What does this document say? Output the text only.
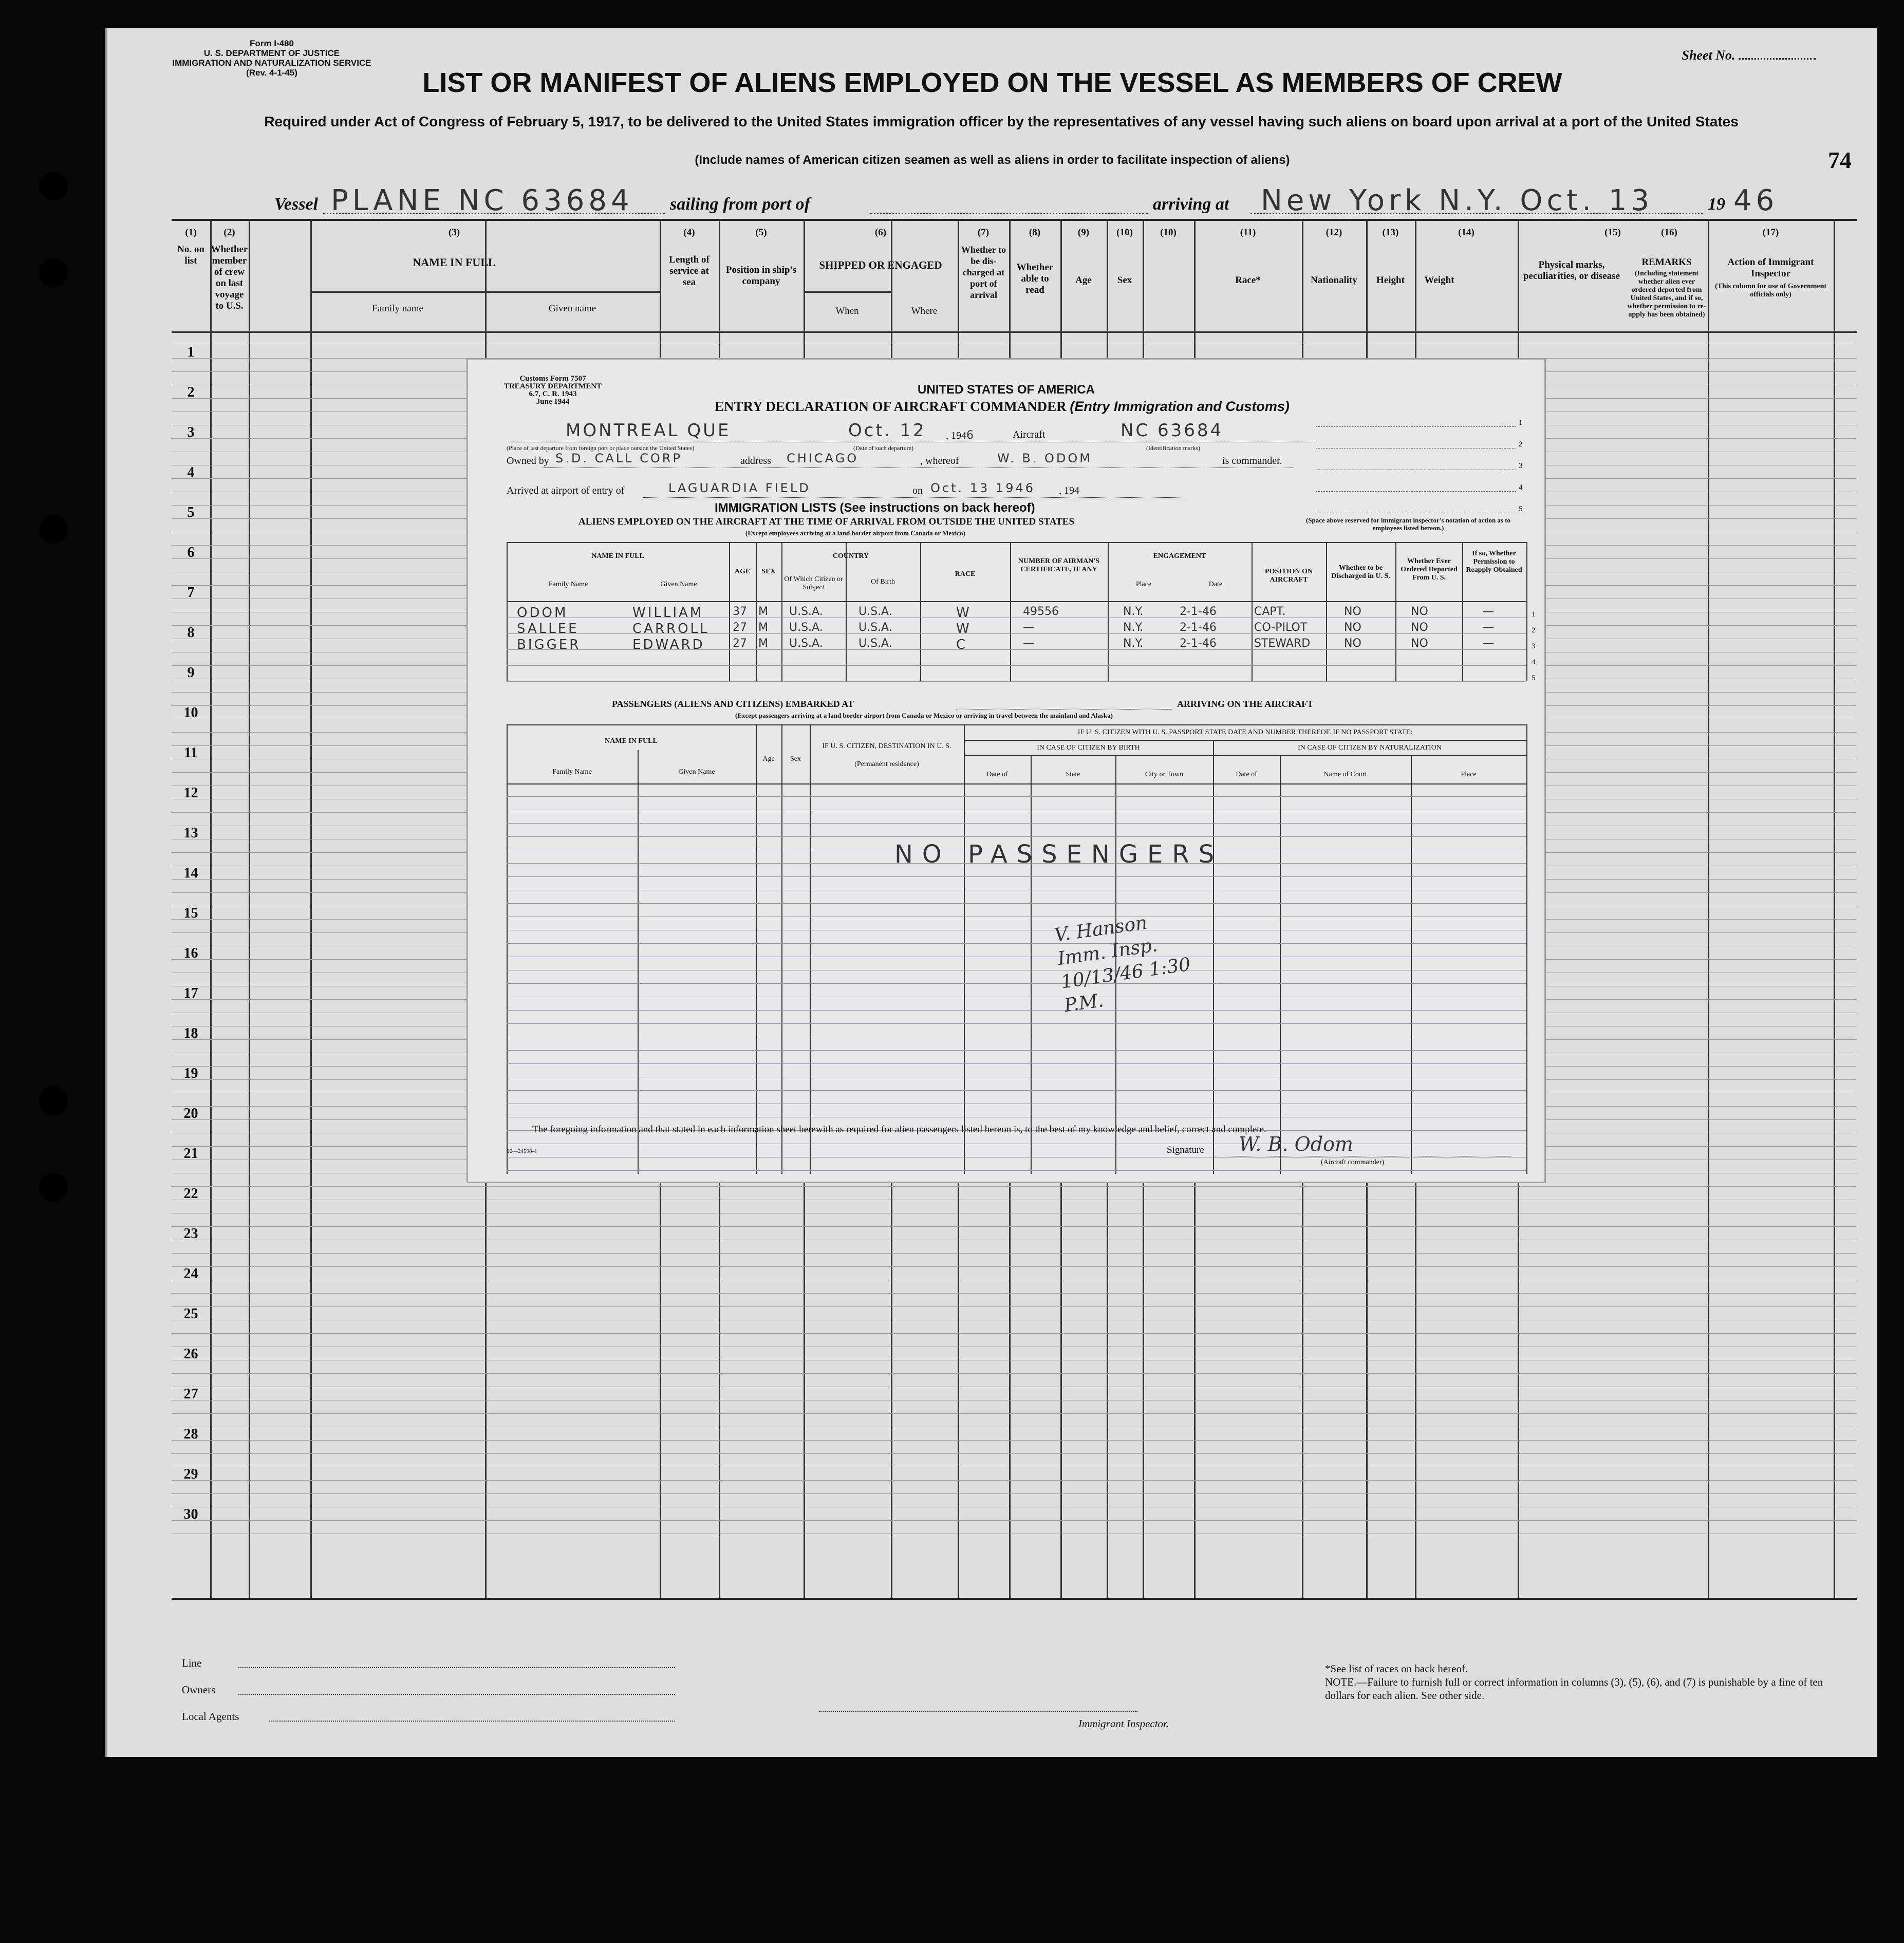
Form I-480
U. S. DEPARTMENT OF JUSTICE
IMMIGRATION AND NATURALIZATION SERVICE
(Rev. 4-1-45)
Sheet No.
LIST OR MANIFEST OF ALIENS EMPLOYED ON THE VESSEL AS MEMBERS OF CREW
Required under Act of Congress of February 5, 1917, to be delivered to the United States immigration officer by the representatives of any vessel having such aliens on board upon arrival at a port of the United States
(Include names of American citizen seamen as well as aliens in order to facilitate inspection of aliens)	74
Vessel PLANE NC 63684 sailing from port of	arriving at New York N.Y. Oct. 13	19 46
(1)
No. on list
(2)
Whether member of crew on last voyage to U.S.
(3)
NAME IN FULL
Family name	Given name
(4)
Length of service at sea
(5)
Position in ship's company
(6)
SHIPPED OR ENGAGED
When	Where
(7)
Whether to be dis-charged at port of arrival
(8)
Whether able to read
(9)
Age
(10)
Sex
(10)	(11)
Race*
(12)
Nationality
(13)
Height
(14)
Weight
(15)
Physical marks, peculiarities, or disease
(16)
REMARKS
(Including statement whether alien ever ordered deported from United States, and if so, whether permission to re-apply has been obtained)
(17)
Action of Immigrant Inspector
(This column for use of Government officials only)
1
2
3
4
5
6
7
8
9
10
11
12
13
14
15
16
17
18
19
20
21
22
23
24
25
26
27
28
29
30
Line
Owners
Local Agents
Immigrant Inspector.
*See list of races on back hereof.
NOTE.—Failure to furnish full or correct information in columns (3), (5), (6), and (7) is punishable by a fine of ten dollars for each alien. See other side.
Customs Form 7507
TREASURY DEPARTMENT
6.7, C. R. 1943
June 1944
UNITED STATES OF AMERICA
ENTRY DECLARATION OF AIRCRAFT COMMANDER (Entry Immigration and Customs)
1
2
3
4
5
(Space above reserved for immigrant inspector's notation of action as to employees listed hereon.)
MONTREAL QUE	Oct. 12 , 1946	Aircraft	NC 63684
(Place of last departure from foreign port or place outside the United States)	(Date of such departure)	(Identification marks)
Owned by S.D. CALL CORP	address CHICAGO	, whereof	W. B. ODOM	is commander.
Arrived at airport of entry of	LAGUARDIA FIELD	on Oct. 13 1946 , 194
IMMIGRATION LISTS (See instructions on back hereof)
ALIENS EMPLOYED ON THE AIRCRAFT AT THE TIME OF ARRIVAL FROM OUTSIDE THE UNITED STATES
(Except employees arriving at a land border airport from Canada or Mexico)
NAME IN FULL
Family Name	Given Name
AGE	SEX
COUNTRY
Of Which Citizen or Subject
Of Birth
RACE
NUMBER OF AIRMAN'S CERTIFICATE, IF ANY
ENGAGEMENT
Place	Date
POSITION ON AIRCRAFT
Whether to be Discharged in U. S.
Whether Ever Ordered Deported From U. S.
If so, Whether Permission to Reapply Obtained
ODOM	WILLIAM	37 M U.S.A.	U.S.A.	W	49556	N.Y.	2-1-46	CAPT.	NO	NO	—
SALLEE	CARROLL 27 M U.S.A.	U.S.A.	W	—	N.Y.	2-1-46	CO-PILOT	NO	NO	—
BIGGER	EDWARD 27 M U.S.A.	U.S.A.	C	—	N.Y.	2-1-46	STEWARD	NO	NO	—
1
2
3
4
5
PASSENGERS (ALIENS AND CITIZENS) EMBARKED AT	ARRIVING ON THE AIRCRAFT
(Except passengers arriving at a land border airport from Canada or Mexico or arriving in travel between the mainland and Alaska)
NAME IN FULL
Family Name	Given Name
Age	Sex
IF U. S. CITIZEN, DESTINATION IN U. S.
(Permanent residence)
IF U. S. CITIZEN WITH U. S. PASSPORT STATE DATE AND NUMBER THEREOF. IF NO PASSPORT STATE:
IN CASE OF CITIZEN BY BIRTH	IN CASE OF CITIZEN BY NATURALIZATION
Date of	State	City or Town	Date of	Name of Court	Place
NO PASSENGERS
V. Hanson Imm. Insp. 10/13/46 1:30 P.M.
The foregoing information and that stated in each information sheet herewith as required for alien passengers listed hereon is, to the best of my knowledge and belief, correct and complete.
16—24598-4	Signature W. B. Odom
(Aircraft commander)
